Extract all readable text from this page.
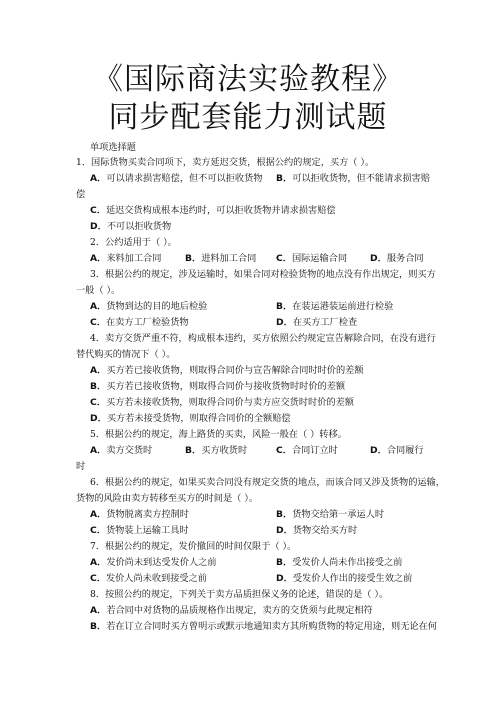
《国际商法实验教程》
同步配套能力测试题
单项选择题
1．国际货物买卖合同项下，卖方延迟交货，根据公约的规定，买方（ ）。
A．可以请求损害赔偿，但不可以拒收货物 B．可以拒收货物，但不能请求损害赔
偿
C．延迟交货构成根本违约时，可以拒收货物并请求损害赔偿
D．不可以拒收货物
2．公约适用于（ ）。
A．来料加工合同	B．进料加工合同 C．国际运输合同 D．服务合同
3．根据公约的规定，涉及运输时，如果合同对检验货物的地点没有作出规定，则买方
一般（ ）。
A．货物到达的目的地后检验	B．在装运港装运前进行检验
C．在卖方工厂检验货物	D．在买方工厂检查
4．卖方交货严重不符，构成根本违约，买方依照公约规定宣告解除合同，在没有进行
替代购买的情况下（ ）。
A．买方若已接收货物，则取得合同价与宣告解除合同时时价的差额
B．买方若已接收货物，则取得合同价与接收货物时时价的差额
C．买方若未接收货物，则取得合同价与卖方应交货时时价的差额
D．买方若未接受货物，则取得合同价的全额赔偿
5．根据公约的规定，海上路货的买卖，风险一般在（ ）转移。
A．卖方交货时	B．买方收货时	C．合同订立时	D．合同履行
时
6．根据公约的规定，如果买卖合同没有规定交货的地点，而该合同又涉及货物的运输，
货物的风险由卖方转移至买方的时间是（ ）。
A．货物脱离卖方控制时	B．货物交给第一承运人时
C．货物装上运输工具时	D．货物交给买方时
7．根据公约的规定，发价撤回的时间仅限于（ ）。
A．发价尚未到达受发价人之前	B．受发价人尚未作出接受之前
C．发价人尚未收到接受之前	D．受发价人作出的接受生效之前
8．按照公约的规定，下列关于卖方品质担保义务的论述，错误的是（ ）。
A．若合同中对货物的品质规格作出规定，卖方的交货须与此规定相符
B．若在订立合同时买方曾明示或默示地通知卖方其所购货物的特定用途，则无论在何
